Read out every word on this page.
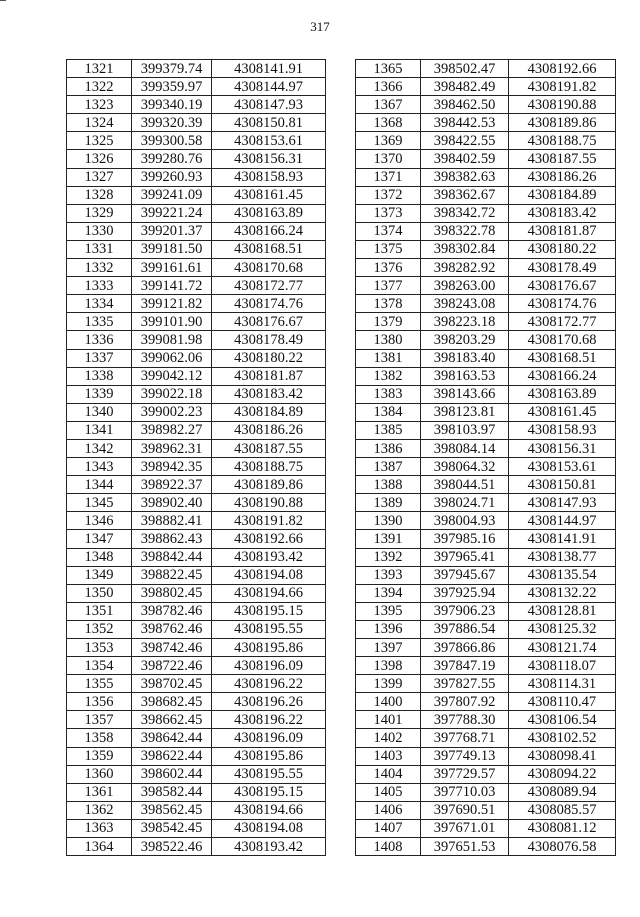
317
1321	399379.74	4308141.91
1322	399359.97	4308144.97
1323	399340.19	4308147.93
1324	399320.39	4308150.81
1325	399300.58	4308153.61
1326	399280.76	4308156.31
1327	399260.93	4308158.93
1328	399241.09	4308161.45
1329	399221.24	4308163.89
1330	399201.37	4308166.24
1331	399181.50	4308168.51
1332	399161.61	4308170.68
1333	399141.72	4308172.77
1334	399121.82	4308174.76
1335	399101.90	4308176.67
1336	399081.98	4308178.49
1337	399062.06	4308180.22
1338	399042.12	4308181.87
1339	399022.18	4308183.42
1340	399002.23	4308184.89
1341	398982.27	4308186.26
1342	398962.31	4308187.55
1343	398942.35	4308188.75
1344	398922.37	4308189.86
1345	398902.40	4308190.88
1346	398882.41	4308191.82
1347	398862.43	4308192.66
1348	398842.44	4308193.42
1349	398822.45	4308194.08
1350	398802.45	4308194.66
1351	398782.46	4308195.15
1352	398762.46	4308195.55
1353	398742.46	4308195.86
1354	398722.46	4308196.09
1355	398702.45	4308196.22
1356	398682.45	4308196.26
1357	398662.45	4308196.22
1358	398642.44	4308196.09
1359	398622.44	4308195.86
1360	398602.44	4308195.55
1361	398582.44	4308195.15
1362	398562.45	4308194.66
1363	398542.45	4308194.08
1364	398522.46	4308193.42
1365	398502.47	4308192.66
1366	398482.49	4308191.82
1367	398462.50	4308190.88
1368	398442.53	4308189.86
1369	398422.55	4308188.75
1370	398402.59	4308187.55
1371	398382.63	4308186.26
1372	398362.67	4308184.89
1373	398342.72	4308183.42
1374	398322.78	4308181.87
1375	398302.84	4308180.22
1376	398282.92	4308178.49
1377	398263.00	4308176.67
1378	398243.08	4308174.76
1379	398223.18	4308172.77
1380	398203.29	4308170.68
1381	398183.40	4308168.51
1382	398163.53	4308166.24
1383	398143.66	4308163.89
1384	398123.81	4308161.45
1385	398103.97	4308158.93
1386	398084.14	4308156.31
1387	398064.32	4308153.61
1388	398044.51	4308150.81
1389	398024.71	4308147.93
1390	398004.93	4308144.97
1391	397985.16	4308141.91
1392	397965.41	4308138.77
1393	397945.67	4308135.54
1394	397925.94	4308132.22
1395	397906.23	4308128.81
1396	397886.54	4308125.32
1397	397866.86	4308121.74
1398	397847.19	4308118.07
1399	397827.55	4308114.31
1400	397807.92	4308110.47
1401	397788.30	4308106.54
1402	397768.71	4308102.52
1403	397749.13	4308098.41
1404	397729.57	4308094.22
1405	397710.03	4308089.94
1406	397690.51	4308085.57
1407	397671.01	4308081.12
1408	397651.53	4308076.58
